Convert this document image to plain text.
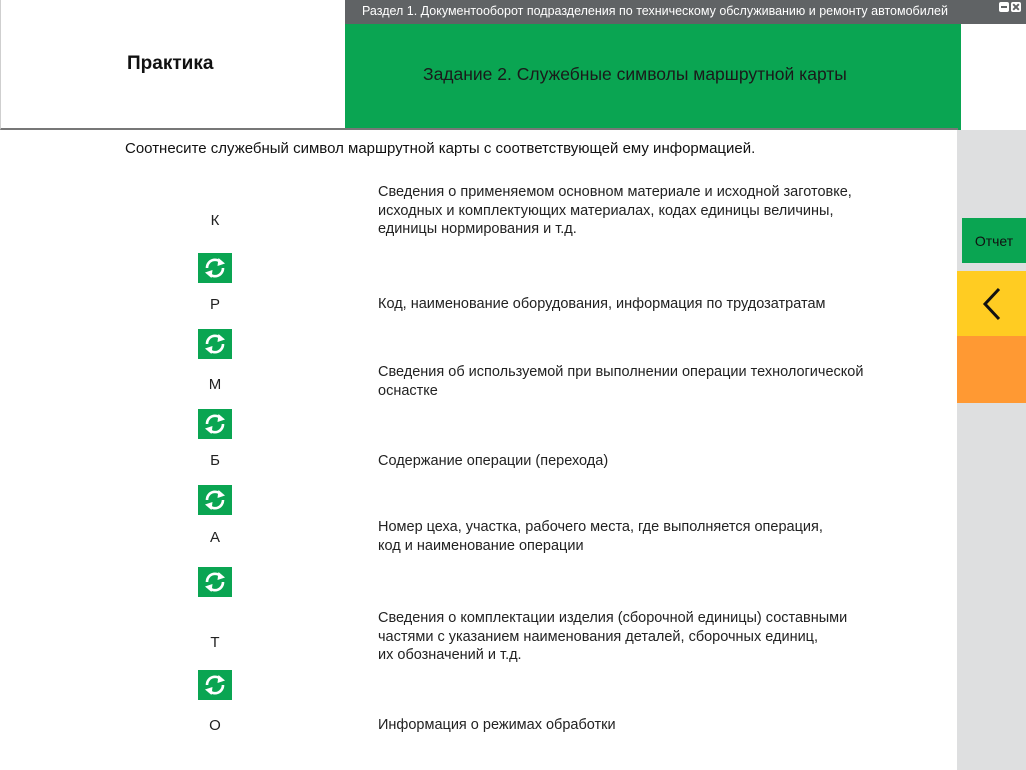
Раздел 1. Документооборот подразделения по техническому обслуживанию и ремонту автомобилей
Практика	Задание 2. Служебные символы маршрутной карты
Отчет
Соотнесите служебный символ маршрутной карты с соответствующей ему информацией.
К
Р
М
Б
А
Т
О
Сведения о применяемом основном материале и исходной заготовке,
исходных и комплектующих материалах, кодах единицы величины,
единицы нормирования и т.д.
Код, наименование оборудования, информация по трудозатратам
Сведения об используемой при выполнении операции технологической
оснастке
Содержание операции (перехода)
Номер цеха, участка, рабочего места, где выполняется операция,
код и наименование операции
Сведения о комплектации изделия (сборочной единицы) составными
частями с указанием наименования деталей, сборочных единиц,
их обозначений и т.д.
Информация о режимах обработки
